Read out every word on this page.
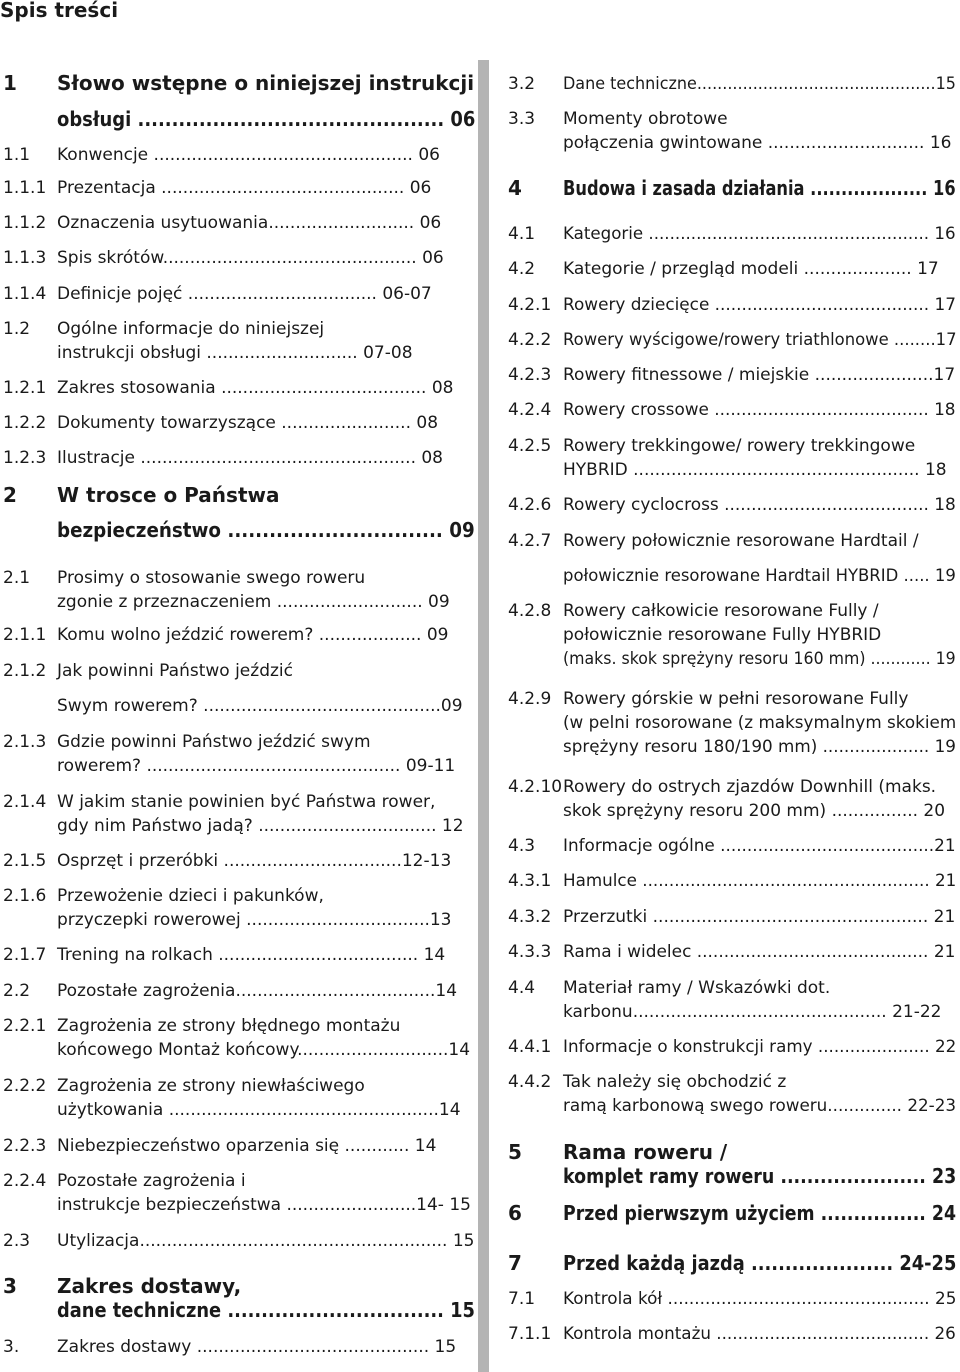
Spis treści
1 Słowo wstępne o niniejszej instrukcji
obsługi ............................................. 06
1.1 Konwencje ................................................ 06
1.1.1 Prezentacja ............................................. 06
1.1.2 Oznaczenia usytuowania........................... 06
1.1.3 Spis skrótów............................................... 06
1.1.4 Definicje pojęć ................................... 06-07
1.2 Ogólne informacje do niniejszej
instrukcji obsługi ............................ 07-08
1.2.1 Zakres stosowania ...................................... 08
1.2.2 Dokumenty towarzyszące ........................ 08
1.2.3 Ilustracje ................................................... 08
2 W trosce o Państwa
bezpieczeństwo ............................... 09
2.1 Prosimy o stosowanie swego roweru
zgonie z przeznaczeniem ........................... 09
2.1.1 Komu wolno jeździć rowerem? ................... 09
2.1.2 Jak powinni Państwo jeździć
Swym rowerem? ............................................09
2.1.3 Gdzie powinni Państwo jeździć swym
rowerem? ............................................... 09-11
2.1.4 W jakim stanie powinien być Państwa rower,
gdy nim Państwo jadą? ................................. 12
2.1.5 Osprzęt i przeróbki .................................12-13
2.1.6 Przewożenie dzieci i pakunków,
przyczepki rowerowej ..................................13
2.1.7 Trening na rolkach ..................................... 14
2.2 Pozostałe zagrożenia.....................................14
2.2.1 Zagrożenia ze strony błędnego montażu
końcowego Montaż końcowy............................14
2.2.2 Zagrożenia ze strony niewłaściwego
użytkowania ..................................................14
2.2.3 Niebezpieczeństwo oparzenia się ............ 14
2.2.4 Pozostałe zagrożenia i
instrukcje bezpieczeństwa ........................14- 15
2.3 Utylizacja......................................................... 15
3 Zakres dostawy,
dane techniczne ................................ 15
3. Zakres dostawy ........................................... 15
3.2 Dane techniczne...............................................15
3.3 Momenty obrotowe
połączenia gwintowane ............................. 16
4 Budowa i zasada działania ................... 16
4.1 Kategorie ..................................................... 16
4.2 Kategorie / przegląd modeli .................... 17
4.2.1 Rowery dziecięce ........................................ 17
4.2.2 Rowery wyścigowe/rowery triathlonowe ........17
4.2.3 Rowery fitnessowe / miejskie ......................17
4.2.4 Rowery crossowe ........................................ 18
4.2.5 Rowery trekkingowe/ rowery trekkingowe
HYBRID ..................................................... 18
4.2.6 Rowery cyclocross ...................................... 18
4.2.7 Rowery połowicznie resorowane Hardtail /
połowicznie resorowane Hardtail HYBRID ..... 19
4.2.8 Rowery całkowicie resorowane Fully /
połowicznie resorowane Fully HYBRID
(maks. skok sprężyny resoru 160 mm) ............ 19
4.2.9 Rowery górskie w pełni resorowane Fully
(w pelni rosorowane (z maksymalnym skokiem
sprężyny resoru 180/190 mm) .................... 19
4.2.10 Rowery do ostrych zjazdów Downhill (maks.
skok sprężyny resoru 200 mm) ................ 20
4.3 Informacje ogólne ........................................21
4.3.1 Hamulce ...................................................... 21
4.3.2 Przerzutki ................................................... 21
4.3.3 Rama i widelec ........................................... 21
4.4 Materiał ramy / Wskazówki dot.
karbonu............................................... 21-22
4.4.1 Informacje o konstrukcji ramy ..................... 22
4.4.2 Tak należy się obchodzić z
ramą karbonową swego roweru.............. 22-23
5 Rama roweru /
komplet ramy roweru ...................... 23
6 Przed pierwszym użyciem ................ 24
7 Przed każdą jazdą ..................... 24-25
7.1 Kontrola kół ................................................. 25
7.1.1 Kontrola montażu ........................................ 26
